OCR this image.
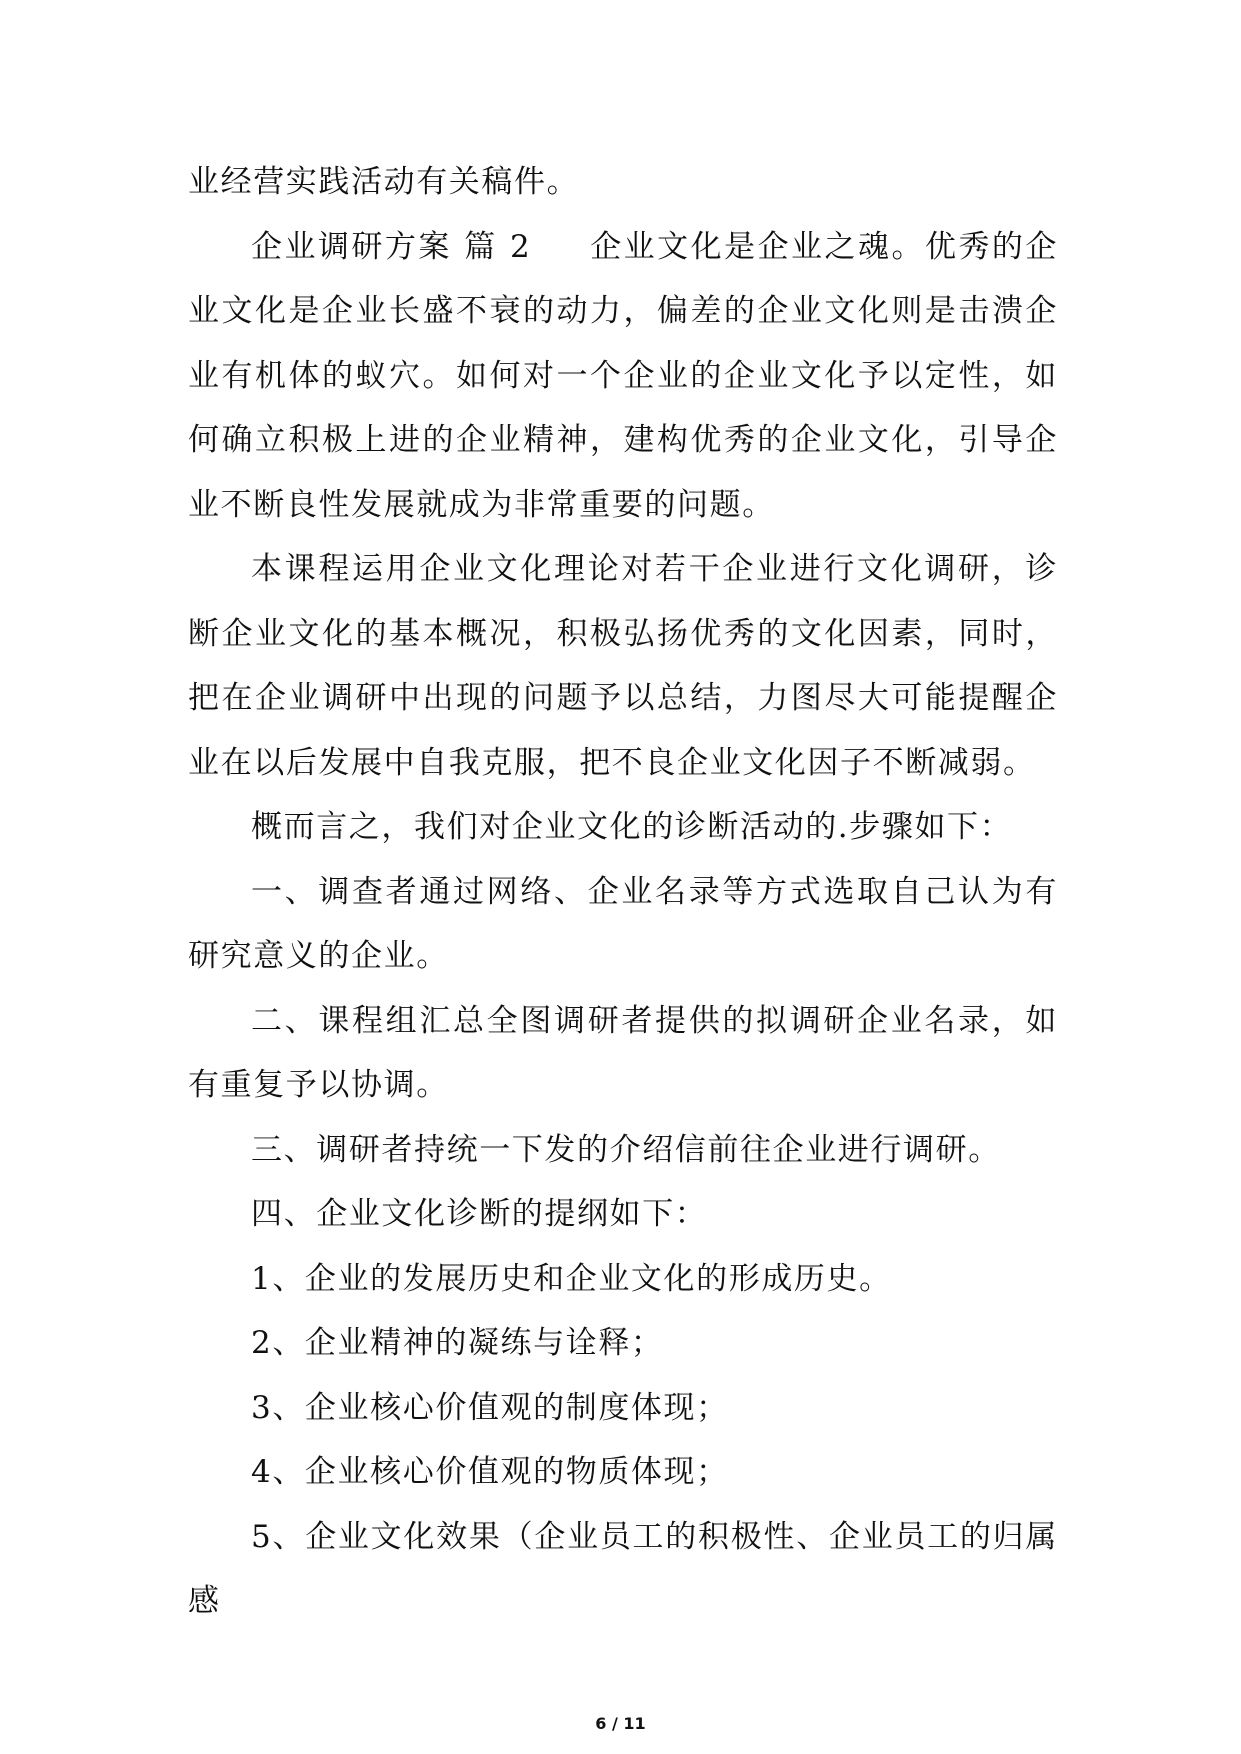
业经营实践活动有关稿件。

企业调研方案 篇 2 企业文化是企业之魂。优秀的企业文化是企业长盛不衰的动力，偏差的企业文化则是击溃企业有机体的蚁穴。如何对一个企业的企业文化予以定性，如何确立积极上进的企业精神，建构优秀的企业文化，引导企业不断良性发展就成为非常重要的问题。

本课程运用企业文化理论对若干企业进行文化调研，诊断企业文化的基本概况，积极弘扬优秀的文化因素，同时，把在企业调研中出现的问题予以总结，力图尽大可能提醒企业在以后发展中自我克服，把不良企业文化因子不断减弱。

概而言之，我们对企业文化的诊断活动的.步骤如下：

一、调查者通过网络、企业名录等方式选取自己认为有研究意义的企业。

二、课程组汇总全图调研者提供的拟调研企业名录，如有重复予以协调。

三、调研者持统一下发的介绍信前往企业进行调研。

四、企业文化诊断的提纲如下：

1、企业的发展历史和企业文化的形成历史。

2、企业精神的凝练与诠释；

3、企业核心价值观的制度体现；

4、企业核心价值观的物质体现；

5、企业文化效果（企业员工的积极性、企业员工的归属感

6 / 11
